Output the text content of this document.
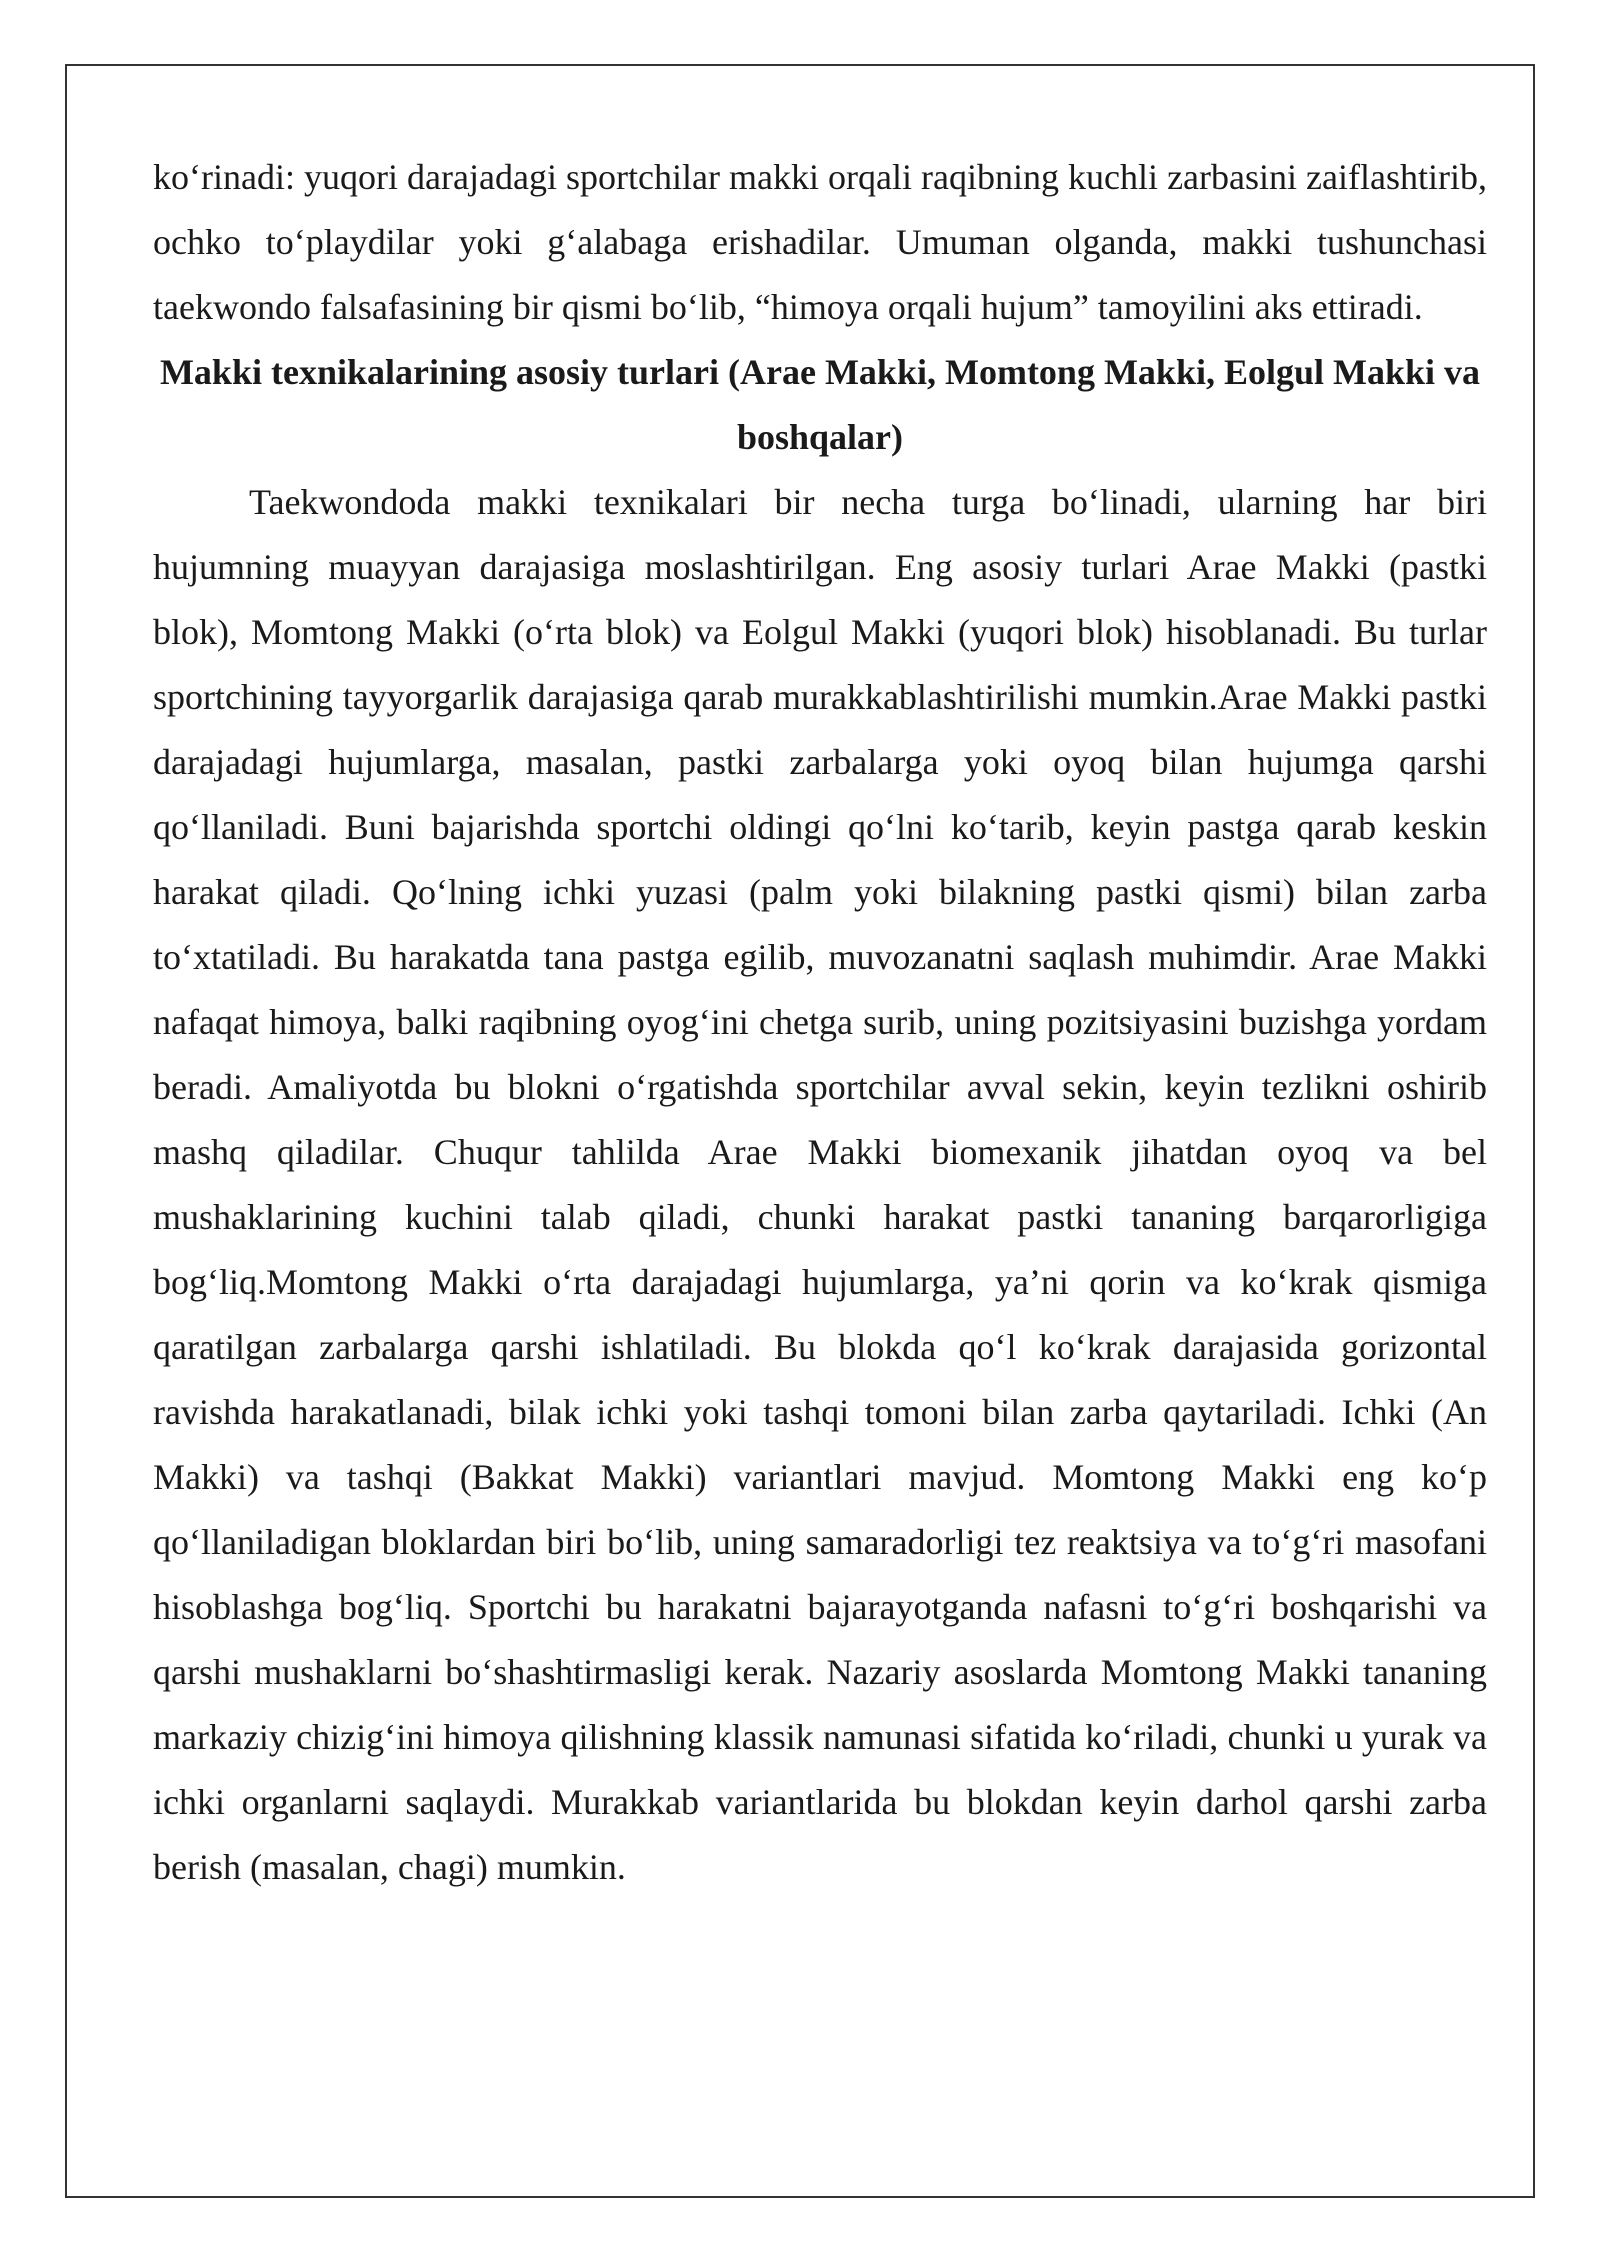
ko‘rinadi: yuqori darajadagi sportchilar makki orqali raqibning kuchli zarbasini zaiflashtirib, ochko to‘playdilar yoki g‘alabaga erishadilar. Umuman olganda, makki tushunchasi taekwondo falsafasining bir qismi bo‘lib, “himoya orqali hujum” tamoyilini aks ettiradi.

Makki texnikalarining asosiy turlari (Arae Makki, Momtong Makki, Eolgul Makki va boshqalar)

Taekwondoda makki texnikalari bir necha turga bo‘linadi, ularning har biri hujumning muayyan darajasiga moslashtirilgan. Eng asosiy turlari Arae Makki (pastki blok), Momtong Makki (o‘rta blok) va Eolgul Makki (yuqori blok) hisoblanadi. Bu turlar sportchining tayyorgarlik darajasiga qarab murakkablashtirilishi mumkin.Arae Makki pastki darajadagi hujumlarga, masalan, pastki zarbalarga yoki oyoq bilan hujumga qarshi qo‘llaniladi. Buni bajarishda sportchi oldingi qo‘lni ko‘tarib, keyin pastga qarab keskin harakat qiladi. Qo‘lning ichki yuzasi (palm yoki bilakning pastki qismi) bilan zarba to‘xtatiladi. Bu harakatda tana pastga egilib, muvozanatni saqlash muhimdir. Arae Makki nafaqat himoya, balki raqibning oyog‘ini chetga surib, uning pozitsiyasini buzishga yordam beradi. Amaliyotda bu blokni o‘rgatishda sportchilar avval sekin, keyin tezlikni oshirib mashq qiladilar. Chuqur tahlilda Arae Makki biomexanik jihatdan oyoq va bel mushaklarining kuchini talab qiladi, chunki harakat pastki tananing barqarorligiga bog‘liq.Momtong Makki o‘rta darajadagi hujumlarga, ya’ni qorin va ko‘krak qismiga qaratilgan zarbalarga qarshi ishlatiladi. Bu blokda qo‘l ko‘krak darajasida gorizontal ravishda harakatlanadi, bilak ichki yoki tashqi tomoni bilan zarba qaytariladi. Ichki (An Makki) va tashqi (Bakkat Makki) variantlari mavjud. Momtong Makki eng ko‘p qo‘llaniladigan bloklardan biri bo‘lib, uning samaradorligi tez reaktsiya va to‘g‘ri masofani hisoblashga bog‘liq. Sportchi bu harakatni bajarayotganda nafasni to‘g‘ri boshqarishi va qarshi mushaklarni bo‘shashtirmasligi kerak. Nazariy asoslarda Momtong Makki tananing markaziy chizig‘ini himoya qilishning klassik namunasi sifatida ko‘riladi, chunki u yurak va ichki organlarni saqlaydi. Murakkab variantlarida bu blokdan keyin darhol qarshi zarba berish (masalan, chagi) mumkin.
